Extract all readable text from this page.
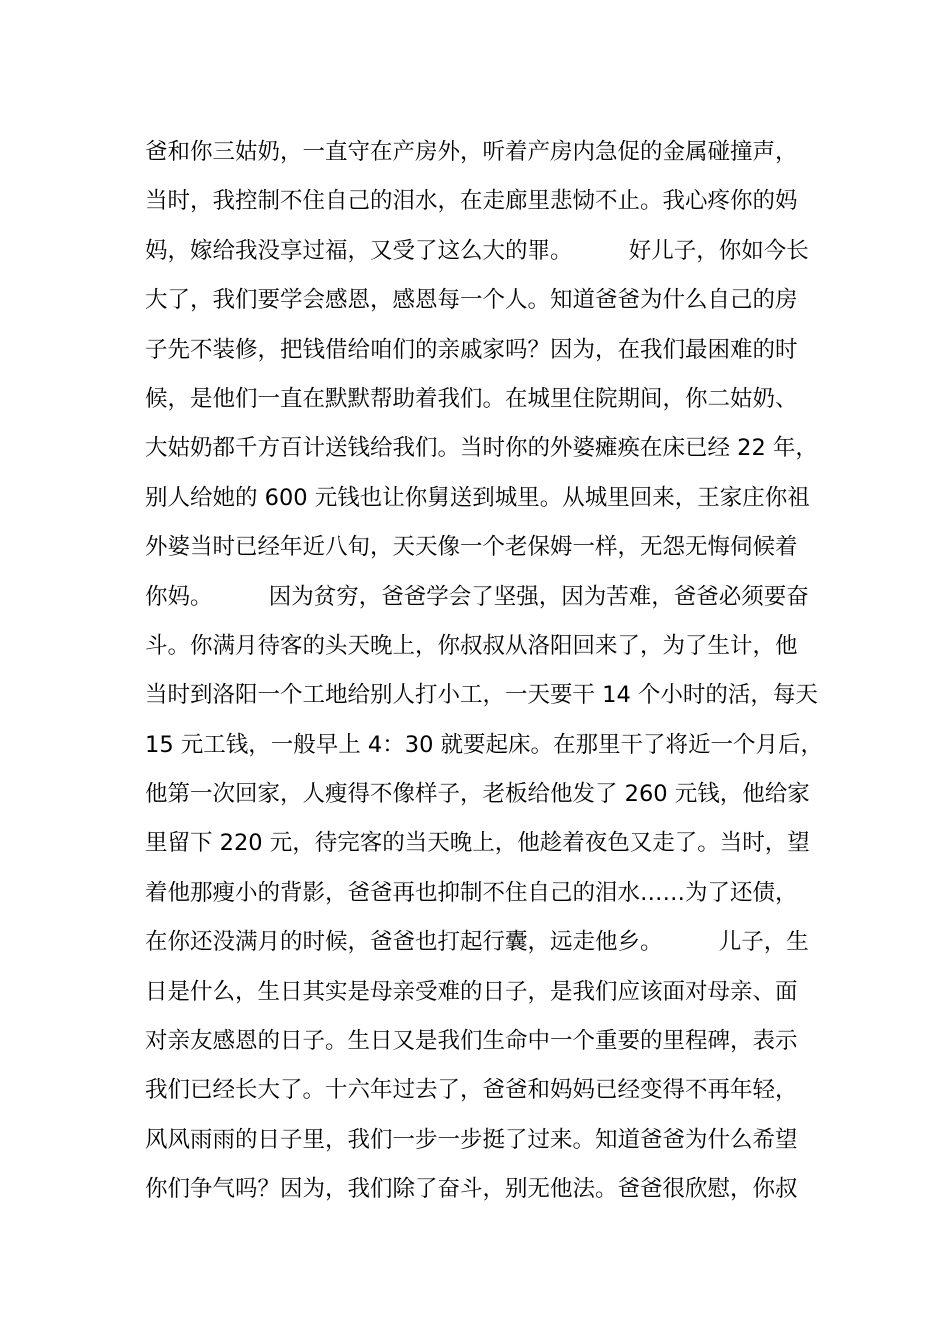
爸和你三姑奶，一直守在产房外，听着产房内急促的金属碰撞声，
当时，我控制不住自己的泪水，在走廊里悲恸不止。我心疼你的妈
妈，嫁给我没享过福，又受了这么大的罪。　　　好儿子，你如今长
大了，我们要学会感恩，感恩每一个人。知道爸爸为什么自己的房
子先不装修，把钱借给咱们的亲戚家吗？因为，在我们最困难的时
候，是他们一直在默默帮助着我们。在城里住院期间，你二姑奶、
大姑奶都千方百计送钱给我们。当时你的外婆瘫痪在床已经 22 年，
别人给她的 600 元钱也让你舅送到城里。从城里回来，王家庄你祖
外婆当时已经年近八旬，天天像一个老保姆一样，无怨无悔伺候着
你妈。　　　因为贫穷，爸爸学会了坚强，因为苦难，爸爸必须要奋
斗。你满月待客的头天晚上，你叔叔从洛阳回来了，为了生计，他
当时到洛阳一个工地给别人打小工，一天要干 14 个小时的活，每天
15 元工钱，一般早上 4：30 就要起床。在那里干了将近一个月后，
他第一次回家，人瘦得不像样子，老板给他发了 260 元钱，他给家
里留下 220 元，待完客的当天晚上，他趁着夜色又走了。当时，望
着他那瘦小的背影，爸爸再也抑制不住自己的泪水……为了还债，
在你还没满月的时候，爸爸也打起行囊，远走他乡。　　　儿子，生
日是什么，生日其实是母亲受难的日子，是我们应该面对母亲、面
对亲友感恩的日子。生日又是我们生命中一个重要的里程碑，表示
我们已经长大了。十六年过去了，爸爸和妈妈已经变得不再年轻，
风风雨雨的日子里，我们一步一步挺了过来。知道爸爸为什么希望
你们争气吗？因为，我们除了奋斗，别无他法。爸爸很欣慰，你叔
